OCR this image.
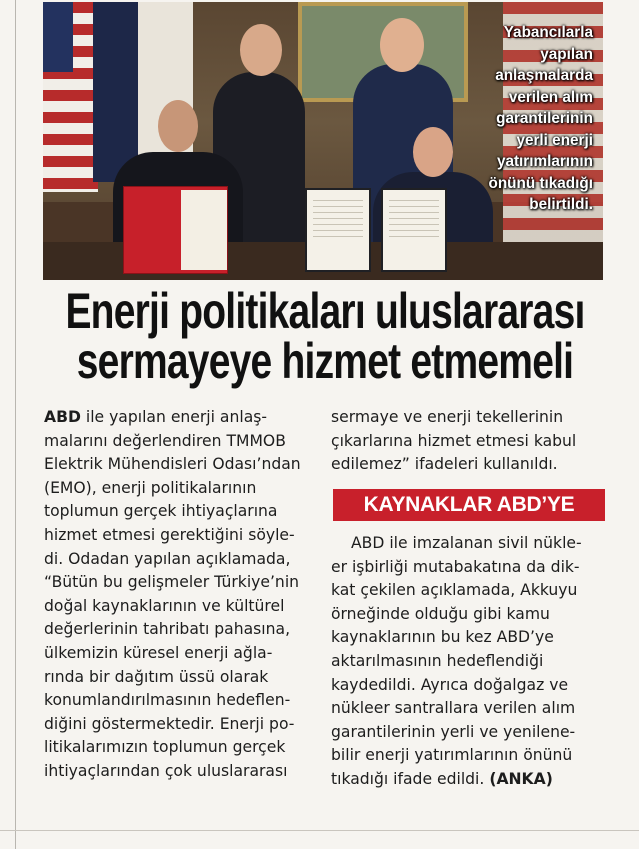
Yabancılarla
yapılan
anlaşmalarda
verilen alım
garantilerinin
yerli enerji
yatırımlarının
önünü tıkadığı
belirtildi.
Enerji politikaları uluslararası
sermayeye hizmet etmemeli
ABD ile yapılan enerji anlaş-
malarını değerlendiren TMMOB
Elektrik Mühendisleri Odası’ndan
(EMO), enerji politikalarının
toplumun gerçek ihtiyaçlarına
hizmet etmesi gerektiğini söyle-
di. Odadan yapılan açıklamada,
“Bütün bu gelişmeler Türkiye’nin
doğal kaynaklarının ve kültürel
değerlerinin tahribatı pahasına,
ülkemizin küresel enerji ağla-
rında bir dağıtım üssü olarak
konumlandırılmasının hedeflen-
diğini göstermektedir. Enerji po-
litikalarımızın toplumun gerçek
ihtiyaçlarından çok uluslararası
sermaye ve enerji tekellerinin
çıkarlarına hizmet etmesi kabul
edilemez” ifadeleri kullanıldı.
KAYNAKLAR ABD’YE
ABD ile imzalanan sivil nükle-
er işbirliği mutabakatına da dik-
kat çekilen açıklamada, Akkuyu
örneğinde olduğu gibi kamu
kaynaklarının bu kez ABD’ye
aktarılmasının hedeflendiği
kaydedildi. Ayrıca doğalgaz ve
nükleer santrallara verilen alım
garantilerinin yerli ve yenilene-
bilir enerji yatırımlarının önünü
tıkadığı ifade edildi. (ANKA)
